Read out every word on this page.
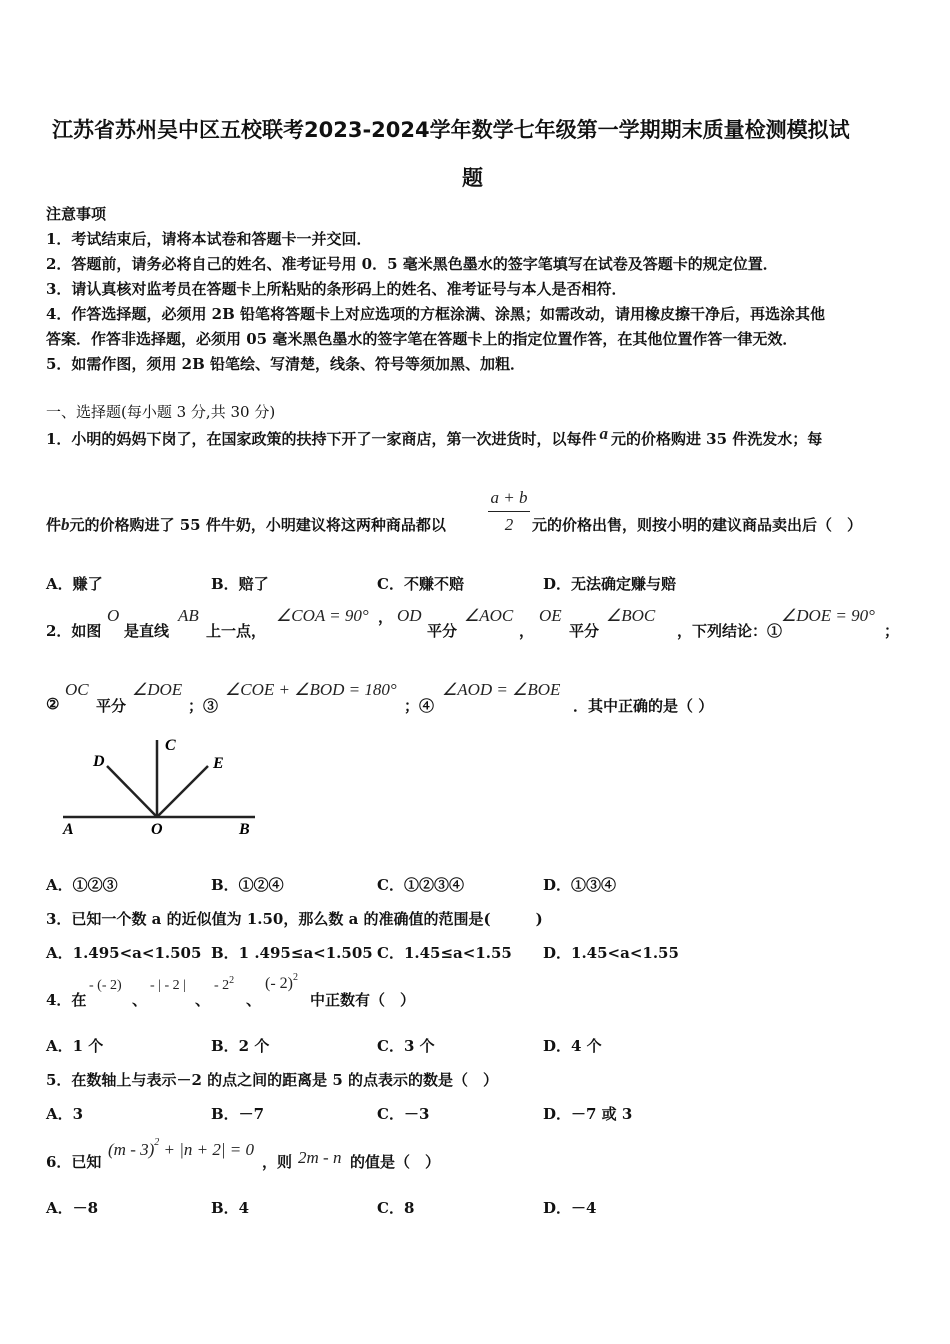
江苏省苏州吴中区五校联考2023-2024学年数学七年级第一学期期末质量检测模拟试
题
注意事项
1．考试结束后，请将本试卷和答题卡一并交回．
2．答题前，请务必将自己的姓名、准考证号用 0．5 毫米黑色墨水的签字笔填写在试卷及答题卡的规定位置．
3．请认真核对监考员在答题卡上所粘贴的条形码上的姓名、准考证号与本人是否相符．
4．作答选择题，必须用 2B 铅笔将答题卡上对应选项的方框涂满、涂黑；如需改动，请用橡皮擦干净后，再选涂其他
答案．作答非选择题，必须用 05 毫米黑色墨水的签字笔在答题卡上的指定位置作答，在其他位置作答一律无效．
5．如需作图，须用 2B 铅笔绘、写清楚，线条、符号等须加黑、加粗．
一、选择题(每小题 3 分,共 30 分)
1．小明的妈妈下岗了，在国家政策的扶持下开了一家商店，第一次进货时，以每件 a 元的价格购进 35 件洗发水；每
a + b
2
件b元的价格购进了 55 件牛奶，小明建议将这两种商品都以	元的价格出售，则按小明的建议商品卖出后（　）
A．赚了	B．赔了	C．不赚不赔	D．无法确定赚与赔
2．如图
O
是直线
AB
上一点，
∠COA = 90° ， OD
平分
∠AOC
，
OE
平分
∠BOC
，下列结论：①
∠DOE = 90°
；
②
OC
平分
∠DOE
；③
∠COE + ∠BOD = 180°
；④
∠AOD = ∠BOE
．其中正确的是（ ）
D
C
E
A	O	B
A．①②③	B．①②④	C．①②③④	D．①③④
3．已知一个数 a 的近似值为 1.50，那么数 a 的准确值的范围是(　　　)
A．1.495<a<1.505 B．1 .495≤a<1.505 C．1.45≤a<1.55 D．1.45<a<1.55
4．在
- (- 2)
、
- | - 2 |
、
- $2^2$
、
(- 2)$^2$
中正数有（　）
A．1 个	B．2 个	C．3 个	D．4 个
5．在数轴上与表示－2 的点之间的距离是 5 的点表示的数是（　）
A．3	B．－7	C．－3	D．－7 或 3
6．已知
(m - 3)$^2$ + |n + 2| = 0
，则 2m - n 的值是（　）
A．－8	B．4	C．8	D．－4
